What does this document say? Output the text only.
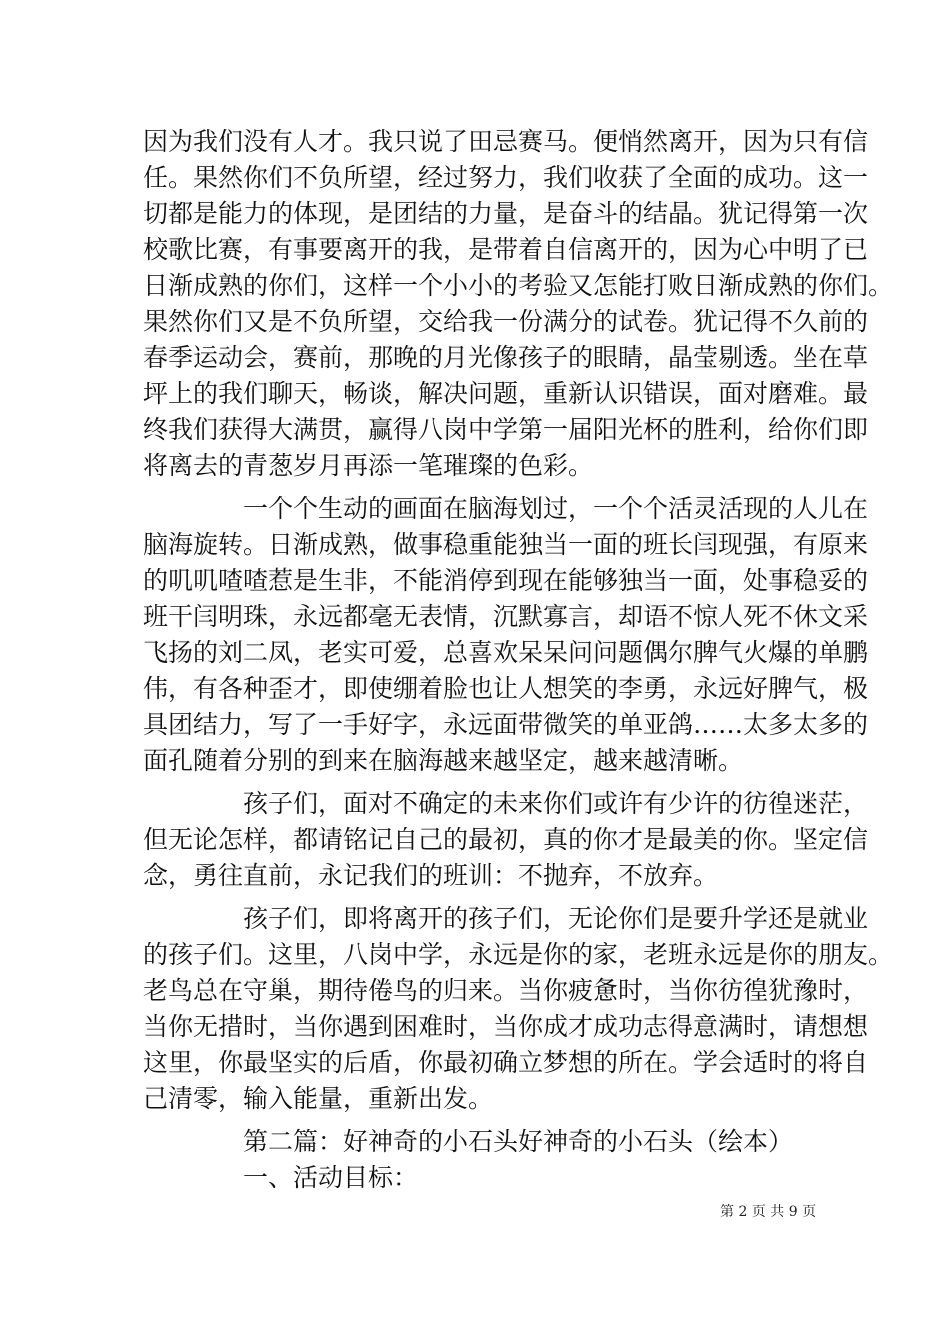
因为我们没有人才。我只说了田忌赛马。便悄然离开，因为只有信
任。果然你们不负所望，经过努力，我们收获了全面的成功。这一
切都是能力的体现，是团结的力量，是奋斗的结晶。犹记得第一次
校歌比赛，有事要离开的我，是带着自信离开的，因为心中明了已
日渐成熟的你们，这样一个小小的考验又怎能打败日渐成熟的你们。
果然你们又是不负所望，交给我一份满分的试卷。犹记得不久前的
春季运动会，赛前，那晚的月光像孩子的眼睛，晶莹剔透。坐在草
坪上的我们聊天，畅谈，解决问题，重新认识错误，面对磨难。最
终我们获得大满贯，赢得八岗中学第一届阳光杯的胜利，给你们即
将离去的青葱岁月再添一笔璀璨的色彩。
一个个生动的画面在脑海划过，一个个活灵活现的人儿在
脑海旋转。日渐成熟，做事稳重能独当一面的班长闫现强，有原来
的叽叽喳喳惹是生非，不能消停到现在能够独当一面，处事稳妥的
班干闫明珠，永远都毫无表情，沉默寡言，却语不惊人死不休文采
飞扬的刘二凤，老实可爱，总喜欢呆呆问问题偶尔脾气火爆的单鹏
伟，有各种歪才，即使绷着脸也让人想笑的李勇，永远好脾气，极
具团结力，写了一手好字，永远面带微笑的单亚鸽……太多太多的
面孔随着分别的到来在脑海越来越坚定，越来越清晰。
孩子们，面对不确定的未来你们或许有少许的彷徨迷茫，
但无论怎样，都请铭记自己的最初，真的你才是最美的你。坚定信
念，勇往直前，永记我们的班训：不抛弃，不放弃。
孩子们，即将离开的孩子们，无论你们是要升学还是就业
的孩子们。这里，八岗中学，永远是你的家，老班永远是你的朋友。
老鸟总在守巢，期待倦鸟的归来。当你疲惫时，当你彷徨犹豫时，
当你无措时，当你遇到困难时，当你成才成功志得意满时，请想想
这里，你最坚实的后盾，你最初确立梦想的所在。学会适时的将自
己清零，输入能量，重新出发。
第二篇：好神奇的小石头好神奇的小石头（绘本）
一、活动目标：
第 2 页 共 9 页
